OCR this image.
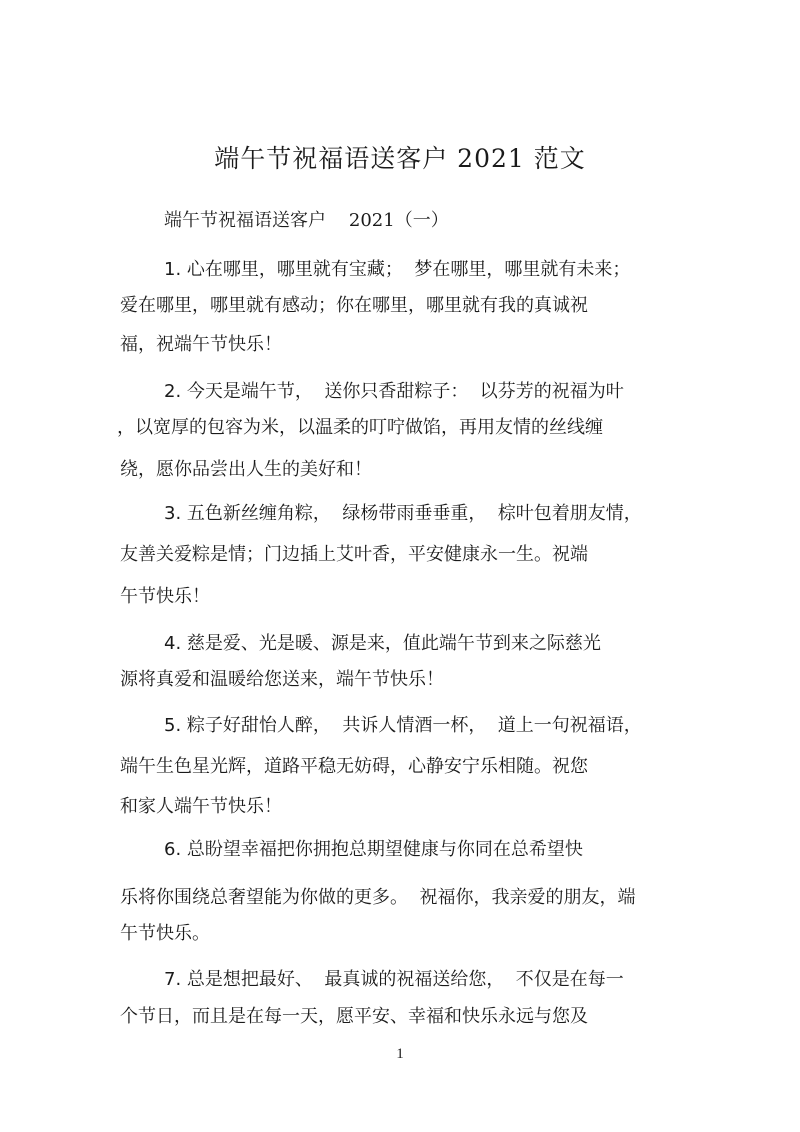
端午节祝福语送客户 2021 范文
端午节祝福语送客户    2021（一）
1. 心在哪里，哪里就有宝藏；  梦在哪里，哪里就有未来；
爱在哪里，哪里就有感动；你在哪里，哪里就有我的真诚祝
福，祝端午节快乐！
2. 今天是端午节，  送你只香甜粽子：  以芬芳的祝福为叶
，以宽厚的包容为米，以温柔的叮咛做馅，再用友情的丝线缠
绕，愿你品尝出人生的美好和！
3. 五色新丝缠角粽，  绿杨带雨垂垂重，  棕叶包着朋友情，
友善关爱粽是情；门边插上艾叶香，平安健康永一生。祝端
午节快乐！
4. 慈是爱、光是暖、源是来，值此端午节到来之际慈光
源将真爱和温暖给您送来，端午节快乐！
5. 粽子好甜怡人醉，  共诉人情酒一杯，  道上一句祝福语，
端午生色星光辉，道路平稳无妨碍，心静安宁乐相随。祝您
和家人端午节快乐！
6. 总盼望幸福把你拥抱总期望健康与你同在总希望快
乐将你围绕总奢望能为你做的更多。  祝福你，我亲爱的朋友，端
午节快乐。
7. 总是想把最好、  最真诚的祝福送给您，  不仅是在每一
个节日，而且是在每一天，愿平安、幸福和快乐永远与您及
1
